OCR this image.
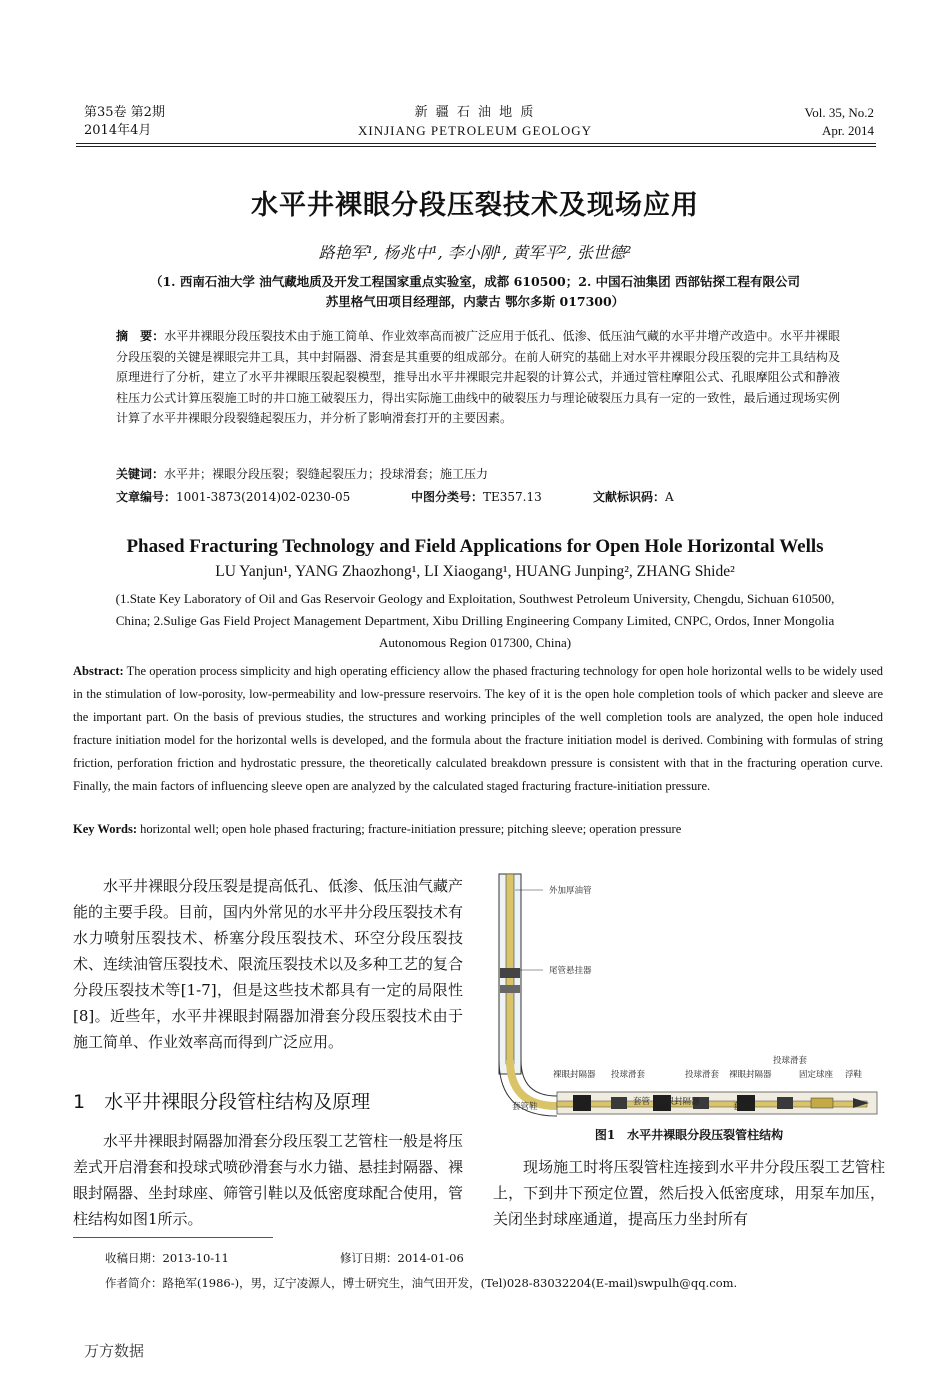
第35卷 第2期
2014年4月
新 疆 石 油 地 质
XINJIANG PETROLEUM GEOLOGY
Vol. 35, No.2
Apr. 2014
水平井裸眼分段压裂技术及现场应用
路艳军¹, 杨兆中¹, 李小刚¹, 黄军平², 张世德²
（1. 西南石油大学 油气藏地质及开发工程国家重点实验室，成都 610500；2. 中国石油集团 西部钻探工程有限公司
苏里格气田项目经理部，内蒙古 鄂尔多斯 017300）
摘　要：水平井裸眼分段压裂技术由于施工简单、作业效率高而被广泛应用于低孔、低渗、低压油气藏的水平井增产改造中。水平井裸眼分段压裂的关键是裸眼完井工具，其中封隔器、滑套是其重要的组成部分。在前人研究的基础上对水平井裸眼分段压裂的完井工具结构及原理进行了分析，建立了水平井裸眼压裂起裂模型，推导出水平井裸眼完井起裂的计算公式，并通过管柱摩阻公式、孔眼摩阻公式和静液柱压力公式计算压裂施工时的井口施工破裂压力，得出实际施工曲线中的破裂压力与理论破裂压力具有一定的一致性，最后通过现场实例计算了水平井裸眼分段裂缝起裂压力，并分析了影响滑套打开的主要因素。
关键词：水平井；裸眼分段压裂；裂缝起裂压力；投球滑套；施工压力
文章编号：1001-3873(2014)02-0230-05	中图分类号：TE357.13	文献标识码：A
Phased Fracturing Technology and Field Applications for Open Hole Horizontal Wells
LU Yanjun¹, YANG Zhaozhong¹, LI Xiaogang¹, HUANG Junping², ZHANG Shide²
(1.State Key Laboratory of Oil and Gas Reservoir Geology and Exploitation, Southwest Petroleum University, Chengdu, Sichuan 610500,
China; 2.Sulige Gas Field Project Management Department, Xibu Drilling Engineering Company Limited, CNPC, Ordos, Inner Mongolia
Autonomous Region 017300, China)
Abstract: The operation process simplicity and high operating efficiency allow the phased fracturing technology for open hole horizontal wells to be widely used in the stimulation of low-porosity, low-permeability and low-pressure reservoirs. The key of it is the open hole completion tools of which packer and sleeve are the important part. On the basis of previous studies, the structures and working principles of the well completion tools are analyzed, the open hole induced fracture initiation model for the horizontal wells is developed, and the formula about the fracture initiation model is derived. Combining with formulas of string friction, perforation friction and hydrostatic pressure, the theoretically calculated breakdown pressure is consistent with that in the fracturing operation curve. Finally, the main factors of influencing sleeve open are analyzed by the calculated staged fracturing fracture-initiation pressure.
Key Words: horizontal well; open hole phased fracturing; fracture-initiation pressure; pitching sleeve; operation pressure
水平井裸眼分段压裂是提高低孔、低渗、低压油气藏产能的主要手段。目前，国内外常见的水平井分段压裂技术有水力喷射压裂技术、桥塞分段压裂技术、环空分段压裂技术、连续油管压裂技术、限流压裂技术以及多种工艺的复合分段压裂技术等[1-7]，但是这些技术都具有一定的局限性[8]。近些年，水平井裸眼封隔器加滑套分段压裂技术由于施工简单、作业效率高而得到广泛应用。
1　水平井裸眼分段管柱结构及原理
水平井裸眼封隔器加滑套分段压裂工艺管柱一般是将压差式开启滑套和投球式喷砂滑套与水力锚、悬挂封隔器、裸眼封隔器、坐封球座、筛管引鞋以及低密度球配合使用，管柱结构如图1所示。
外加厚油管
尾管悬挂器
裸眼封隔器 投球滑套	投球滑套 裸眼封隔器
投球滑套
固定球座 浮鞋
套管鞋	套管 裸眼封隔器	套管
图1　水平井裸眼分段压裂管柱结构
现场施工时将压裂管柱连接到水平井分段压裂工艺管柱上，下到井下预定位置，然后投入低密度球，用泵车加压，关闭坐封球座通道，提高压力坐封所有
收稿日期：2013-10-11	修订日期：2014-01-06
作者简介：路艳军(1986-)，男，辽宁凌源人，博士研究生，油气田开发，(Tel)028-83032204(E-mail)swpulh@qq.com.
万方数据
